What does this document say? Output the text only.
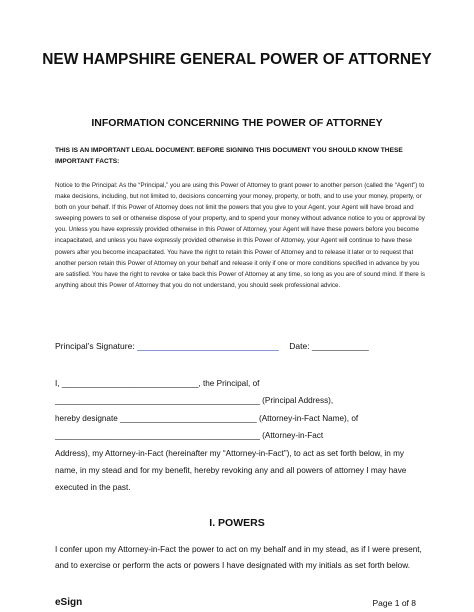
NEW HAMPSHIRE GENERAL POWER OF ATTORNEY
INFORMATION CONCERNING THE POWER OF ATTORNEY
THIS IS AN IMPORTANT LEGAL DOCUMENT. BEFORE SIGNING THIS DOCUMENT YOU SHOULD KNOW THESE IMPORTANT FACTS:
Notice to the Principal: As the “Principal,” you are using this Power of Attorney to grant power to another person (called the “Agent”) to make decisions, including, but not limited to, decisions concerning your money, property, or both, and to use your money, property, or both on your behalf. If this Power of Attorney does not limit the powers that you give to your Agent, your Agent will have broad and sweeping powers to sell or otherwise dispose of your property, and to spend your money without advance notice to you or approval by you. Unless you have expressly provided otherwise in this Power of Attorney, your Agent will have these powers before you become incapacitated, and unless you have expressly provided otherwise in this Power of Attorney, your Agent will continue to have these powers after you become incapacitated. You have the right to retain this Power of Attorney and to release it later or to request that another person retain this Power of Attorney on your behalf and release it only if one or more conditions specified in advance by you are satisfied. You have the right to revoke or take back this Power of Attorney at any time, so long as you are of sound mind. If there is anything about this Power of Attorney that you do not understand, you should seek professional advice.
Principal’s Signature: ______________________________ Date: ____________
I, ______________________________, the Principal, of
_____________________________________________ (Principal Address),
hereby designate ______________________________ (Attorney-in-Fact Name), of
_____________________________________________ (Attorney-in-Fact
Address), my Attorney-in-Fact (hereinafter my “Attorney-in-Fact”), to act as set forth below, in my name, in my stead and for my benefit, hereby revoking any and all powers of attorney I may have executed in the past.
I. POWERS
I confer upon my Attorney-in-Fact the power to act on my behalf and in my stead, as if I were present, and to exercise or perform the acts or powers I have designated with my initials as set forth below.
eSign	Page 1 of 8
